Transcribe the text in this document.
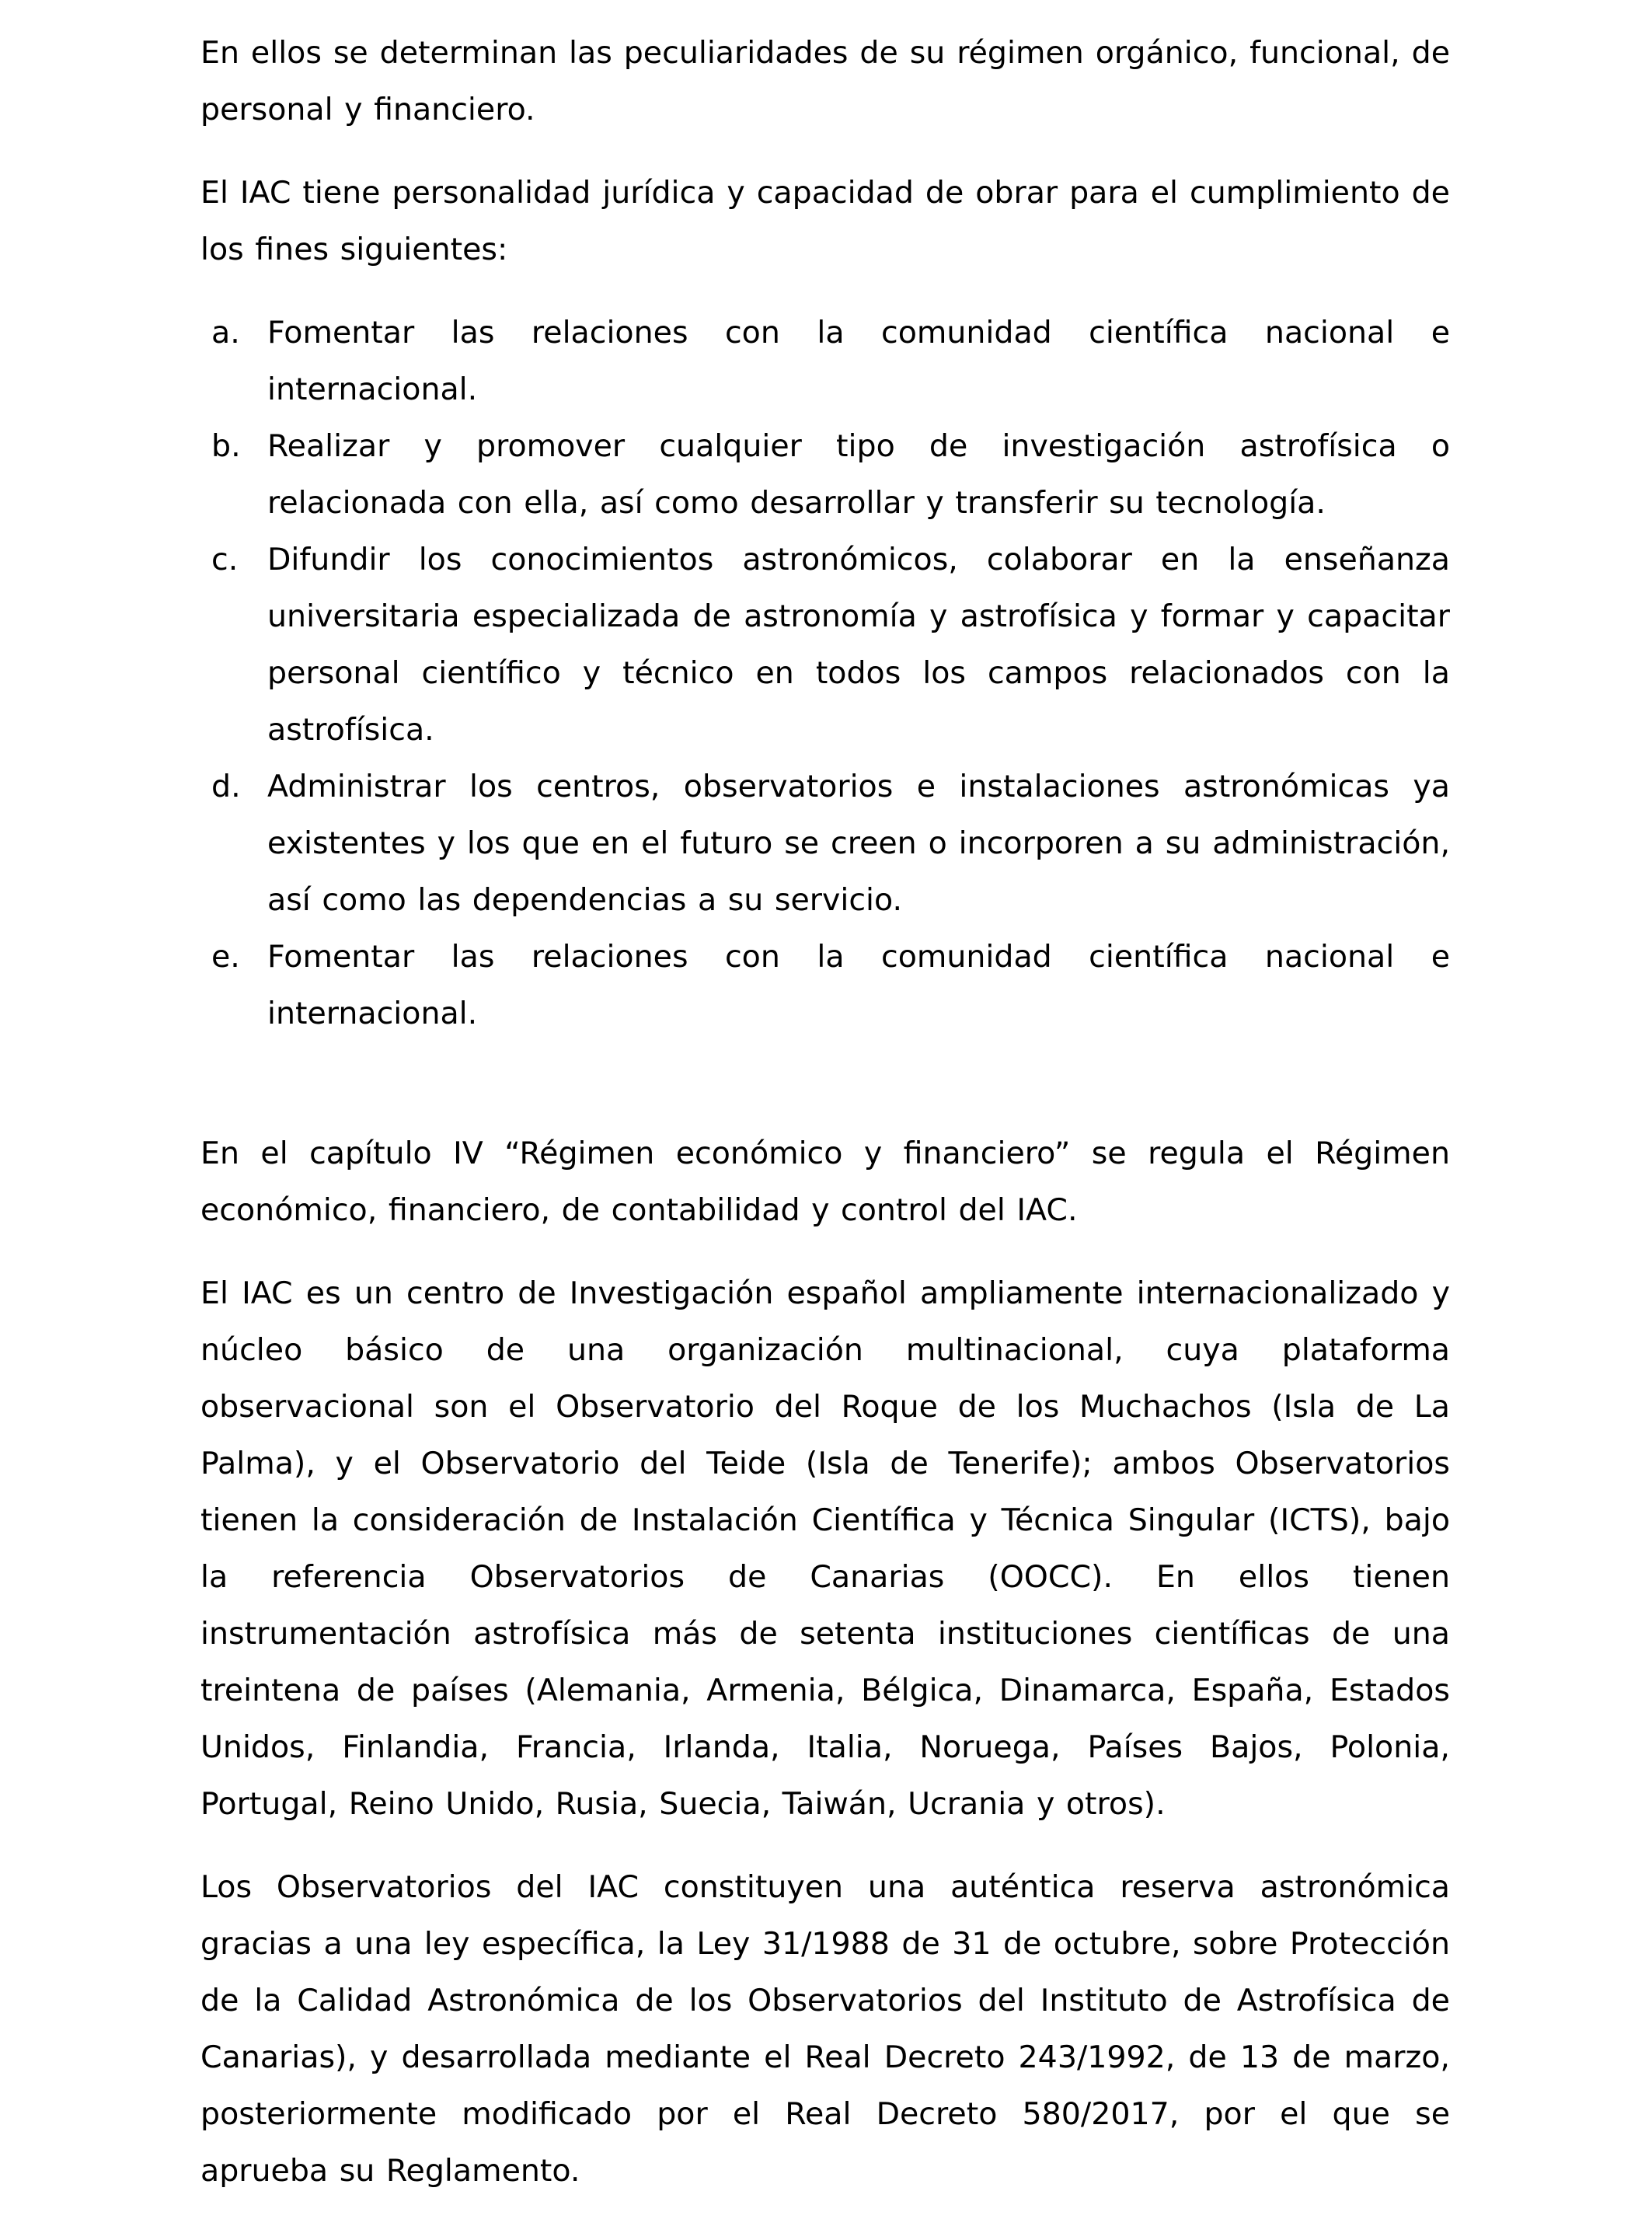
En ellos se determinan las peculiaridades de su régimen orgánico, funcional, de personal y financiero.

El IAC tiene personalidad jurídica y capacidad de obrar para el cumplimiento de los fines siguientes:

a. Fomentar las relaciones con la comunidad científica nacional e internacional.
b. Realizar y promover cualquier tipo de investigación astrofísica o relacionada con ella, así como desarrollar y transferir su tecnología.
c. Difundir los conocimientos astronómicos, colaborar en la enseñanza universitaria especializada de astronomía y astrofísica y formar y capacitar personal científico y técnico en todos los campos relacionados con la astrofísica.
d. Administrar los centros, observatorios e instalaciones astronómicas ya existentes y los que en el futuro se creen o incorporen a su administración, así como las dependencias a su servicio.
e. Fomentar las relaciones con la comunidad científica nacional e internacional.

En el capítulo IV “Régimen económico y financiero” se regula el Régimen económico, financiero, de contabilidad y control del IAC.

El IAC es un centro de Investigación español ampliamente internacionalizado y núcleo básico de una organización multinacional, cuya plataforma observacional son el Observatorio del Roque de los Muchachos (Isla de La Palma), y el Observatorio del Teide (Isla de Tenerife); ambos Observatorios tienen la consideración de Instalación Científica y Técnica Singular (ICTS), bajo la referencia Observatorios de Canarias (OOCC). En ellos tienen instrumentación astrofísica más de setenta instituciones científicas de una treintena de países (Alemania, Armenia, Bélgica, Dinamarca, España, Estados Unidos, Finlandia, Francia, Irlanda, Italia, Noruega, Países Bajos, Polonia, Portugal, Reino Unido, Rusia, Suecia, Taiwán, Ucrania y otros).

Los Observatorios del IAC constituyen una auténtica reserva astronómica gracias a una ley específica, la Ley 31/1988 de 31 de octubre, sobre Protección de la Calidad Astronómica de los Observatorios del Instituto de Astrofísica de Canarias), y desarrollada mediante el Real Decreto 243/1992, de 13 de marzo, posteriormente modificado por el Real Decreto 580/2017, por el que se aprueba su Reglamento.
